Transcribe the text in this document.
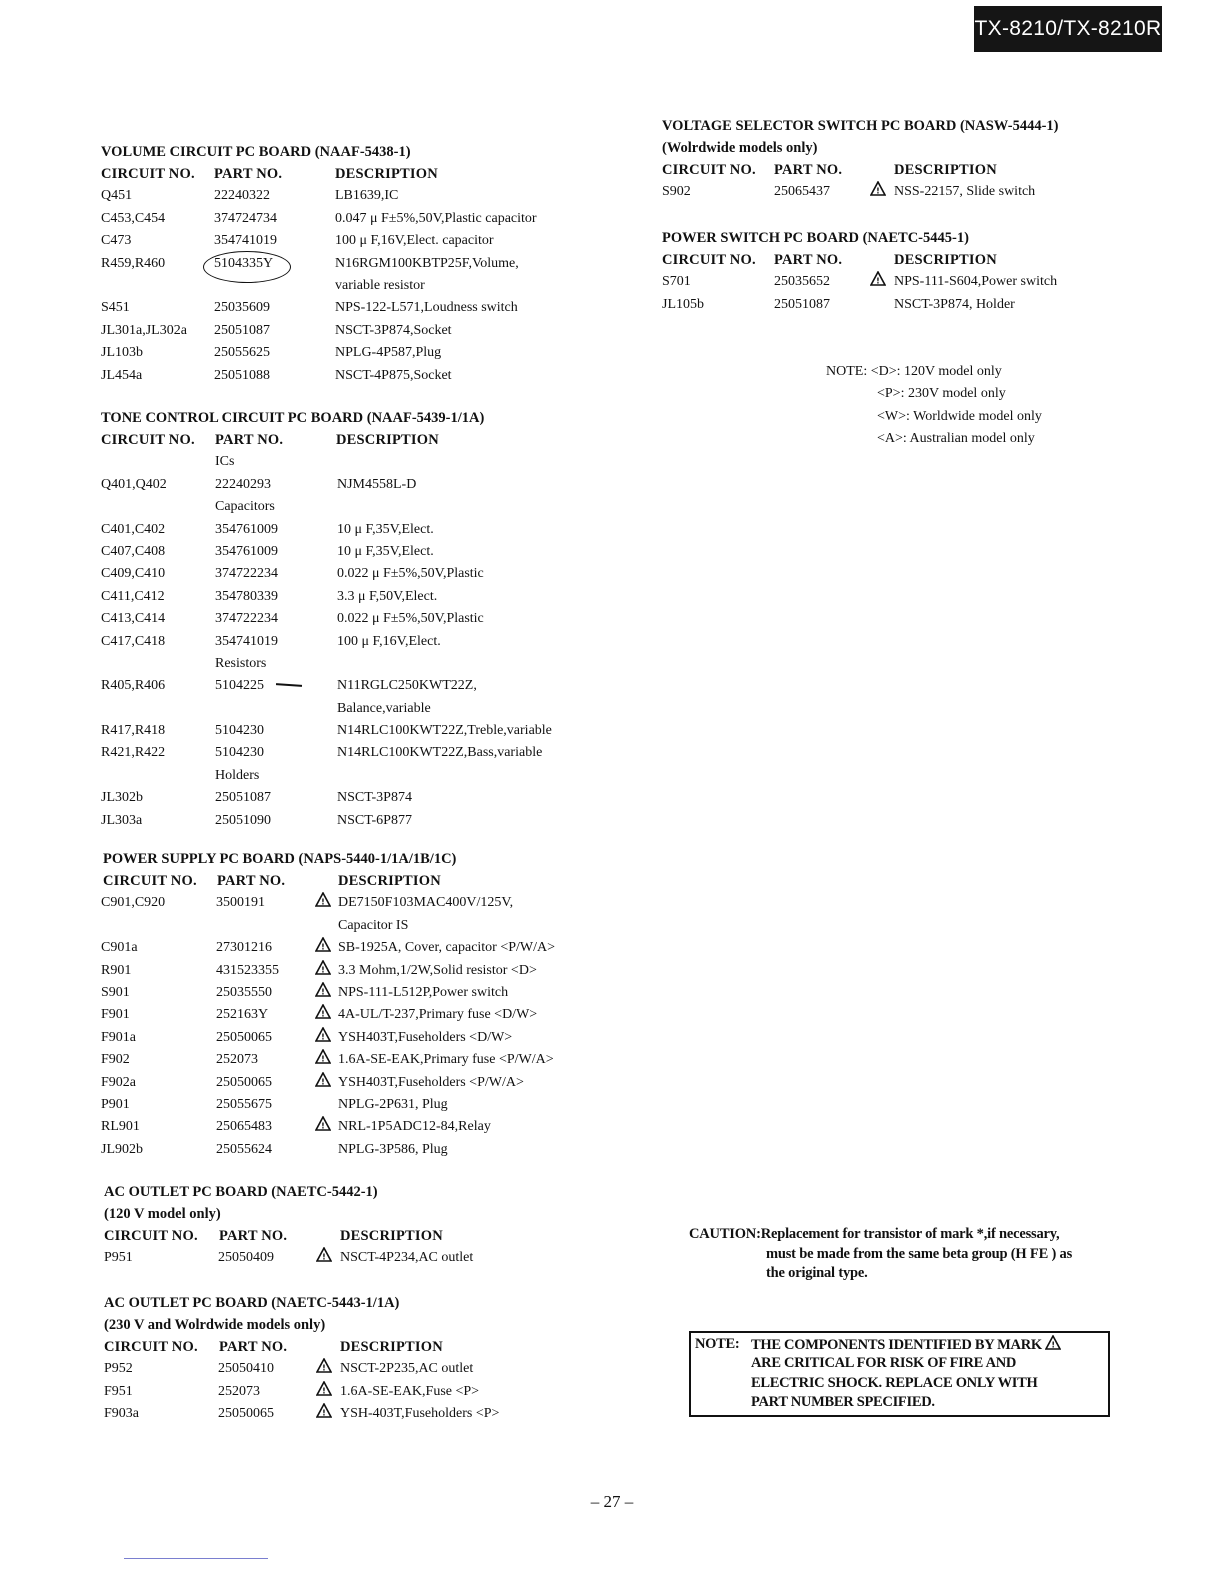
TX-8210/TX-8210R
VOLUME CIRCUIT PC BOARD (NAAF-5438-1)
CIRCUIT NO. PART NO.	DESCRIPTION
Q451	22240322	LB1639,IC
C453,C454	374724734	0.047 μ F±5%,50V,Plastic capacitor
C473	354741019	100 μ F,16V,Elect. capacitor
R459,R460	5104335Y	N16RGM100KBTP25F,Volume,
variable resistor
S451	25035609	NPS-122-L571,Loudness switch
JL301a,JL302a 25051087	NSCT-3P874,Socket
JL103b	25055625	NPLG-4P587,Plug
JL454a	25051088	NSCT-4P875,Socket
TONE CONTROL CIRCUIT PC BOARD (NAAF-5439-1/1A)
CIRCUIT NO. PART NO.	DESCRIPTION
ICs
Q401,Q402	22240293	NJM4558L-D
Capacitors
C401,C402	354761009	10 μ F,35V,Elect.
C407,C408	354761009	10 μ F,35V,Elect.
C409,C410	374722234	0.022 μ F±5%,50V,Plastic
C411,C412	354780339	3.3 μ F,50V,Elect.
C413,C414	374722234	0.022 μ F±5%,50V,Plastic
C417,C418	354741019	100 μ F,16V,Elect.
Resistors
R405,R406	5104225	N11RGLC250KWT22Z,
Balance,variable
R417,R418	5104230	N14RLC100KWT22Z,Treble,variable
R421,R422	5104230	N14RLC100KWT22Z,Bass,variable
Holders
JL302b	25051087	NSCT-3P874
JL303a	25051090	NSCT-6P877
POWER SUPPLY PC BOARD (NAPS-5440-1/1A/1B/1C)
CIRCUIT NO. PART NO.	DESCRIPTION
C901,C920	3500191	DE7150F103MAC400V/125V,
!
Capacitor IS
C901a	27301216	SB-1925A, Cover, capacitor <P/W/A>
!
R901	431523355	3.3 Mohm,1/2W,Solid resistor <D>
!
S901	25035550	NPS-111-L512P,Power switch
!
F901	252163Y	4A-UL/T-237,Primary fuse <D/W>
!
F901a	25050065	YSH403T,Fuseholders <D/W>
!
F902	252073	1.6A-SE-EAK,Primary fuse <P/W/A>
!
F902a	25050065	YSH403T,Fuseholders <P/W/A>
!
P901	25055675	NPLG-2P631, Plug
RL901	25065483	NRL-1P5ADC12-84,Relay
!
JL902b	25055624	NPLG-3P586, Plug
AC OUTLET PC BOARD (NAETC-5442-1)
(120 V model only)
CIRCUIT NO. PART NO.	DESCRIPTION
P951	25050409	NSCT-4P234,AC outlet
!
AC OUTLET PC BOARD (NAETC-5443-1/1A)
(230 V and Wolrdwide models only)
CIRCUIT NO. PART NO.	DESCRIPTION
P952	25050410	NSCT-2P235,AC outlet
!
F951	252073	1.6A-SE-EAK,Fuse <P>
!
F903a	25050065	YSH-403T,Fuseholders <P>
!
VOLTAGE SELECTOR SWITCH PC BOARD (NASW-5444-1)
(Wolrdwide models only)
CIRCUIT NO. PART NO.	DESCRIPTION
S902	25065437	NSS-22157, Slide switch
!
POWER SWITCH PC BOARD (NAETC-5445-1)
CIRCUIT NO. PART NO.	DESCRIPTION
S701	25035652	NPS-111-S604,Power switch
!
JL105b	25051087	NSCT-3P874, Holder
NOTE: <D>: 120V model only
<P>: 230V model only
<W>: Worldwide model only
<A>: Australian model only
CAUTION:Replacement for transistor of mark *,if necessary,
must be made from the same beta group (H FE ) as
the original type.
NOTE: THE COMPONENTS IDENTIFIED BY MARK !
ARE CRITICAL FOR RISK OF FIRE AND
ELECTRIC SHOCK. REPLACE ONLY WITH
PART NUMBER SPECIFIED.
– 27 –
